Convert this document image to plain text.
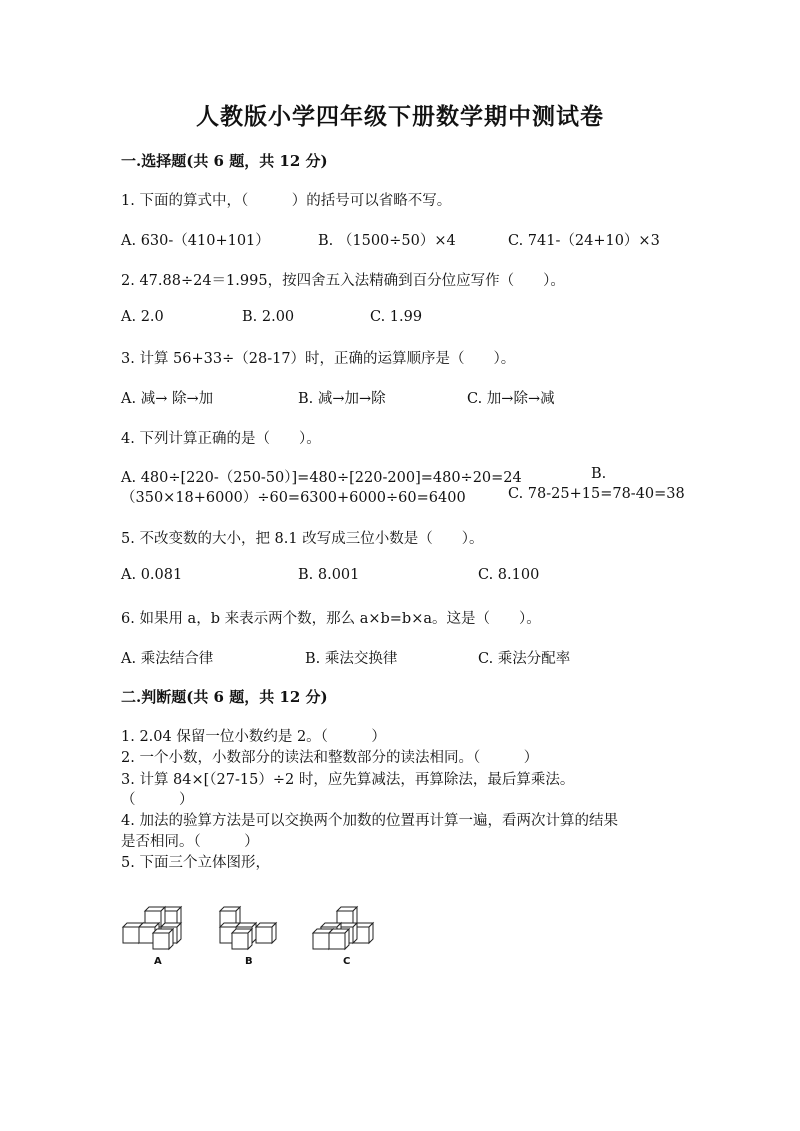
人教版小学四年级下册数学期中测试卷
一.选择题(共 6 题，共 12 分)
1. 下面的算式中，（　　　）的括号可以省略不写。
A. 630-（410+101）	B. （1500÷50）×4	C. 741-（24+10）×3
2. 47.88÷24＝1.995，按四舍五入法精确到百分位应写作（　　）。
A. 2.0	B. 2.00	C. 1.99
3. 计算 56+33÷（28-17）时，正确的运算顺序是（　　）。
A. 减→ 除→加	B. 减→加→除	C. 加→除→减
4. 下列计算正确的是（　　）。
A. 480÷[220-（250-50）]=480÷[220-200]=480÷20=24	B.
（350×18+6000）÷60=6300+6000÷60=6400	C. 78-25+15=78-40=38
5. 不改变数的大小，把 8.1 改写成三位小数是（　　）。
A. 0.081	B. 8.001	C. 8.100
6. 如果用 a，b 来表示两个数，那么 a×b=b×a。这是（　　）。
A. 乘法结合律	B. 乘法交换律	C. 乘法分配率
二.判断题(共 6 题，共 12 分)
1. 2.04 保留一位小数约是 2。（　　　）
2. 一个小数，小数部分的读法和整数部分的读法相同。（　　　）
3. 计算 84×[（27-15）÷2 时，应先算减法，再算除法，最后算乘法。
（　　　）
4. 加法的验算方法是可以交换两个加数的位置再计算一遍，看两次计算的结果
是否相同。（　　　）
5. 下面三个立体图形，
A	B	C
